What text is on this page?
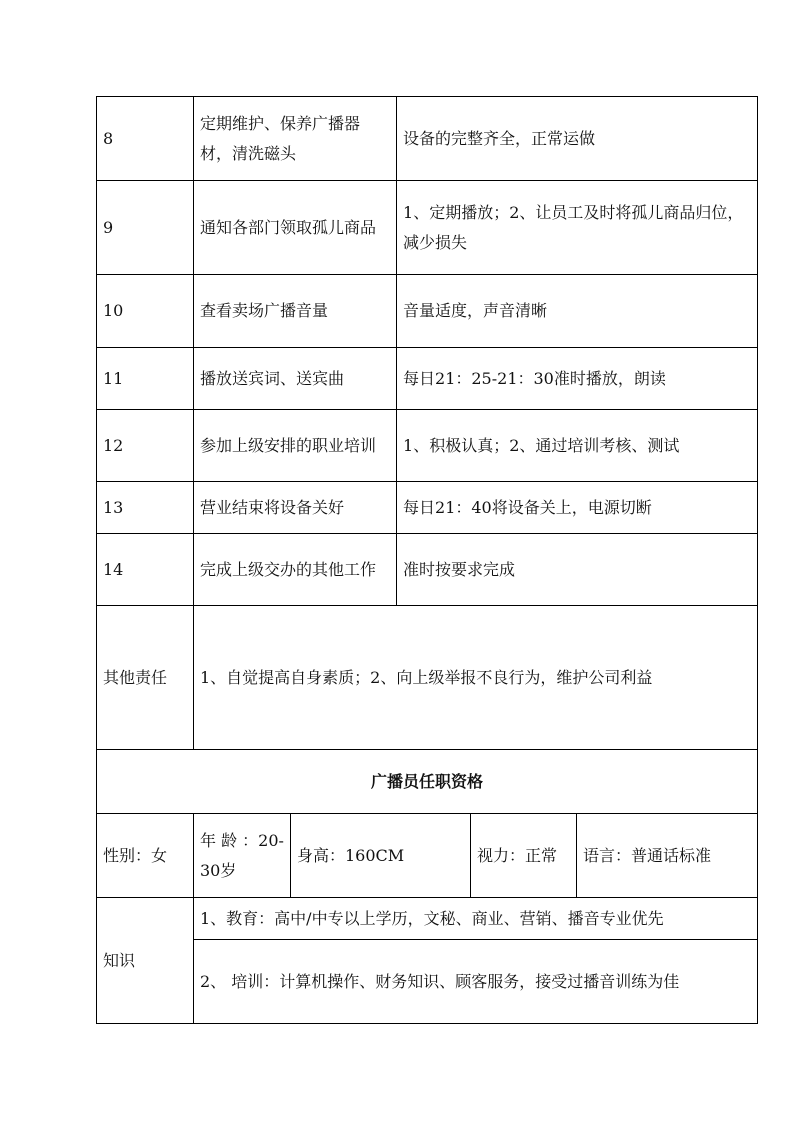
8	定期维护、保养广播器材，清洗磁头		设备的完整齐全，正常运做		
9	通知各部门领取孤儿商品		1、定期播放；2、让员工及时将孤儿商品归位，减少损失		
10	查看卖场广播音量		音量适度，声音清晰		
11	播放送宾词、送宾曲		每日21：25-21：30准时播放，朗读		
12	参加上级安排的职业培训		1、积极认真；2、通过培训考核、测试		
13	营业结束将设备关好		每日21：40将设备关上，电源切断		
14	完成上级交办的其他工作		准时按要求完成		
其他责任	1、自觉提高自身素质；2、向上级举报不良行为，维护公司利益				
广播员任职资格					
性别：女	年 龄 ：20-30岁	身高：160CM		视力：正常	语言：普通话标准
知识	1、教育：高中/中专以上学历，文秘、商业、营销、播音专业优先				
	2、 培训：计算机操作、财务知识、顾客服务，接受过播音训练为佳				
